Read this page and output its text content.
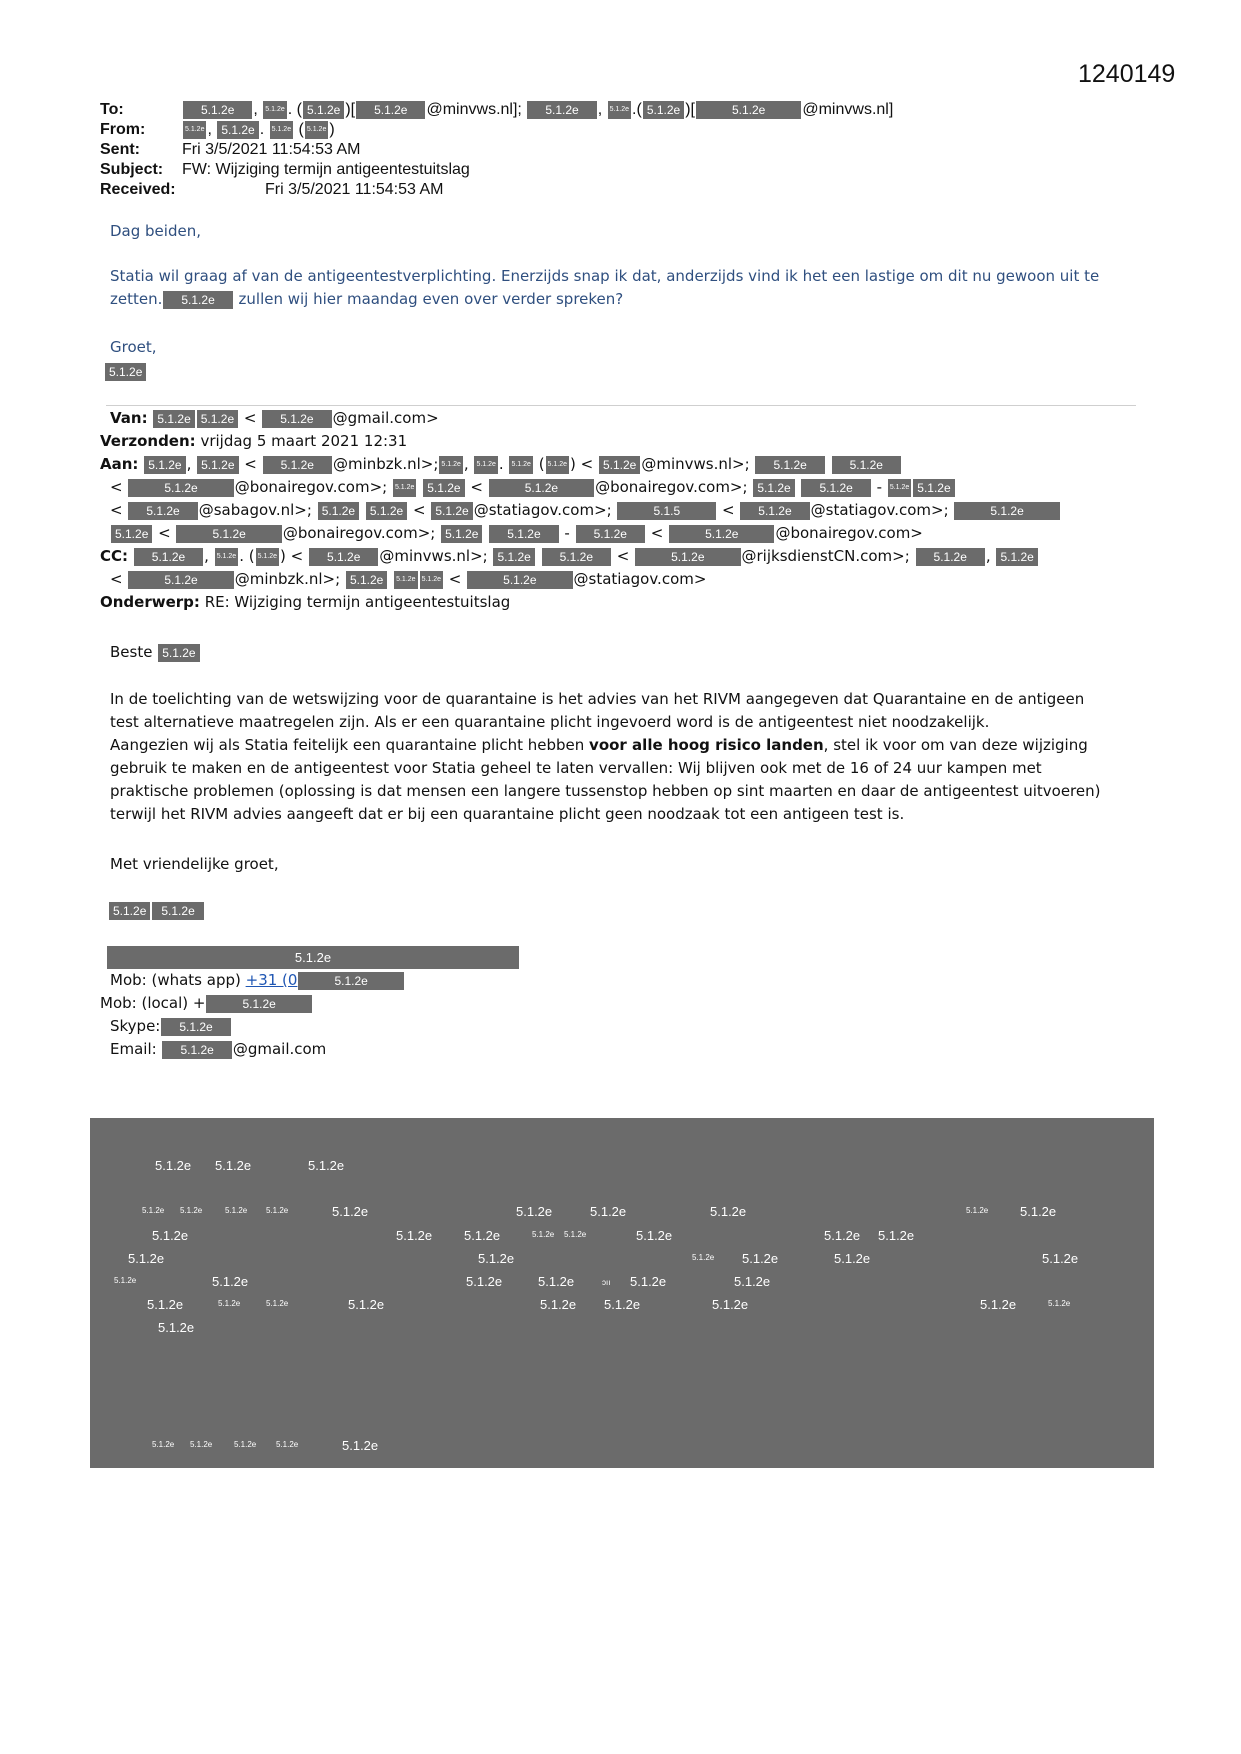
1240149
To:	5.1.2e , 5.1.2e . ( 5.1.2e )[ 5.1.2e @minvws.nl]; 5.1.2e , 5.1.2e .( 5.1.2e )[	5.1.2e @minvws.nl]
From:	5.1.2e , 5.1.2e . 5.1.2e ( 5.1.2e )
Sent:	Fri 3/5/2021 11:54:53 AM
Subject: FW: Wijziging termijn antigeentestuitslag
Received:	Fri 3/5/2021 11:54:53 AM
Dag beiden,
Statia wil graag af van de antigeentestverplichting. Enerzijds snap ik dat, anderzijds vind ik het een lastige om dit nu gewoon uit te
zetten. 5.1.2e zullen wij hier maandag even over verder spreken?
Groet,
5.1.2e
Van: 5.1.2e 5.1.2e < 5.1.2e @gmail.com>
Verzonden: vrijdag 5 maart 2021 12:31
Aan: 5.1.2e , 5.1.2e < 5.1.2e @minbzk.nl>; 5.1.2e , 5.1.2e . 5.1.2e ( 5.1.2e ) < 5.1.2e @minvws.nl>; 5.1.2e	5.1.2e
<	5.1.2e @bonairegov.com>; 5.1.2e 5.1.2e <	5.1.2e @bonairegov.com>; 5.1.2e 5.1.2e - 5.1.2e 5.1.2e
< 5.1.2e @sabagov.nl>; 5.1.2e 5.1.2e < 5.1.2e @statiagov.com>;	5.1.5 < 5.1.2e @statiagov.com>;	5.1.2e
5.1.2e <	5.1.2e @bonairegov.com>; 5.1.2e 5.1.2e - 5.1.2e <	5.1.2e @bonairegov.com>
CC: 5.1.2e , 5.1.2e . ( 5.1.2e ) < 5.1.2e @minvws.nl>; 5.1.2e 5.1.2e <	5.1.2e @rijksdienstCN.com>; 5.1.2e , 5.1.2e
<	5.1.2e @minbzk.nl>; 5.1.2e 5.1.2e 5.1.2e <	5.1.2e @statiagov.com>
Onderwerp: RE: Wijziging termijn antigeentestuitslag
Beste 5.1.2e

In de toelichting van de wetswijzing voor de quarantaine is het advies van het RIVM aangegeven dat Quarantaine en de antigeen

test alternatieve maatregelen zijn. Als er een quarantaine plicht ingevoerd word is de antigeentest niet noodzakelijk.

Aangezien wij als Statia feitelijk een quarantaine plicht hebben voor alle hoog risico landen, stel ik voor om van deze wijziging

gebruik te maken en de antigeentest voor Statia geheel te laten vervallen: Wij blijven ook met de 16 of 24 uur kampen met

praktische problemen (oplossing is dat mensen een langere tussenstop hebben op sint maarten en daar de antigeentest uitvoeren)

terwijl het RIVM advies aangeeft dat er bij een quarantaine plicht geen noodzaak tot een antigeen test is.

Met vriendelijke groet,
5.1.2e 5.1.2e
5.1.2e
Mob: (whats app) +31 (0	5.1.2e
Mob: (local) +	5.1.2e
Skype: 5.1.2e
Email: 5.1.2e @gmail.com
5.1.2e 5.1.2e	5.1.2e
5.1.2e 5.1.2e	5.1.2e 5.1.2e	5.1.2e	5.1.2e	5.1.2e	5.1.2e	5.1.2e 5.1.2e
5.1.2e	5.1.2e 5.1.2e	5.1.2e 5.1.2e	5.1.2e	5.1.2e 5.1.2e
5.1.2e	5.1.2e	5.1.2e 5.1.2e	5.1.2e	5.1.2e
5.1.2e	5.1.2e	5.1.2e	5.1.2e	ᴐıı 5.1.2e	5.1.2e
5.1.2e	5.1.2e	5.1.2e	5.1.2e	5.1.2e 5.1.2e	5.1.2e	5.1.2e	5.1.2e
5.1.2e
5.1.2e 5.1.2e	5.1.2e 5.1.2e	5.1.2e
